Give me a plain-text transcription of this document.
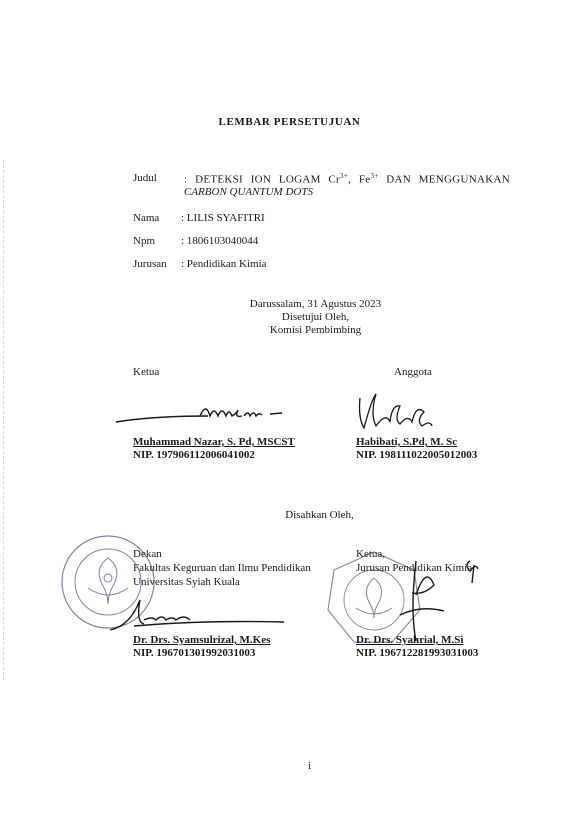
LEMBAR PERSETUJUAN
Judul : DETEKSI ION LOGAM $Cr^{3+}$, $Fe^{3+}$ DAN MENGGUNAKAN
CARBON QUANTUM DOTS
Nama : LILIS SYAFITRI
Npm : 1806103040044
Jurusan : Pendidikan Kimia
Darussalam, 31 Agustus 2023
Disetujui Oleh,
Komisi Pembimbing
Ketua	Anggota
Muhammad Nazar, S. Pd, MSCST
NIP. 197906112006041002
Habibati, S.Pd, M. Sc
NIP. 198111022005012003
Disahkan Oleh,
Dekan
Fakultas Keguruan dan Ilmu Pendidikan
Universitas Syiah Kuala
Dr. Drs. Syamsulrizal, M.Kes
NIP. 196701301992031003
Ketua,
Jurusan Pendidikan Kimia
Dr. Drs. Syahrial, M.Si
NIP. 196712281993031003
i
